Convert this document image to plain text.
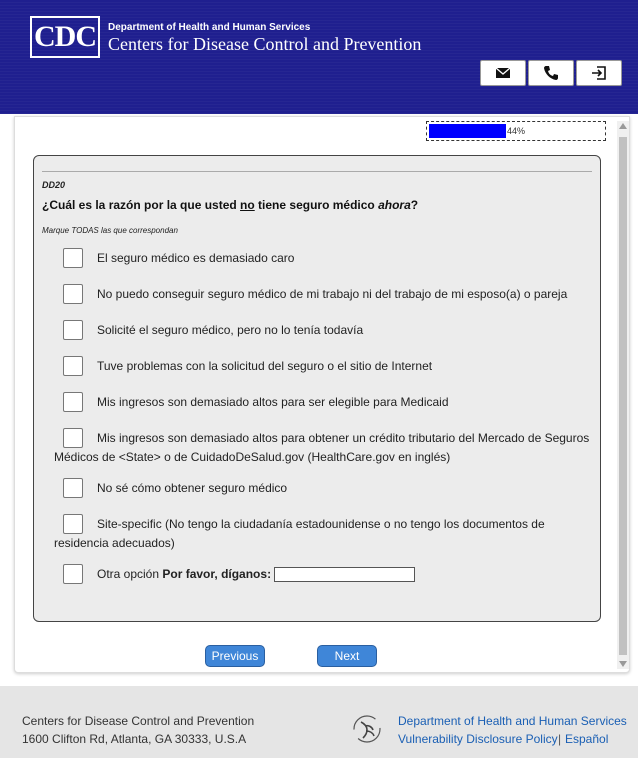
CDC Department of Health and Human Services
Centers for Disease Control and Prevention
44%
DD20
¿Cuál es la razón por la que usted no tiene seguro médico ahora?
Marque TODAS las que correspondan
El seguro médico es demasiado caro
No puedo conseguir seguro médico de mi trabajo ni del trabajo de mi esposo(a) o pareja
Solicité el seguro médico, pero no lo tenía todavía
Tuve problemas con la solicitud del seguro o el sitio de Internet
Mis ingresos son demasiado altos para ser elegible para Medicaid
Mis ingresos son demasiado altos para obtener un crédito tributario del Mercado de Seguros Médicos de <State> o de CuidadoDeSalud.gov (HealthCare.gov en inglés)
No sé cómo obtener seguro médico
Site-specific (No tengo la ciudadanía estadounidense o no tengo los documentos de residencia adecuados)
Otra opción Por favor, díganos:
Previous	Next
Centers for Disease Control and Prevention
1600 Clifton Rd, Atlanta, GA 30333, U.S.A
Department of Health and Human Services
Vulnerability Disclosure Policy | Español
